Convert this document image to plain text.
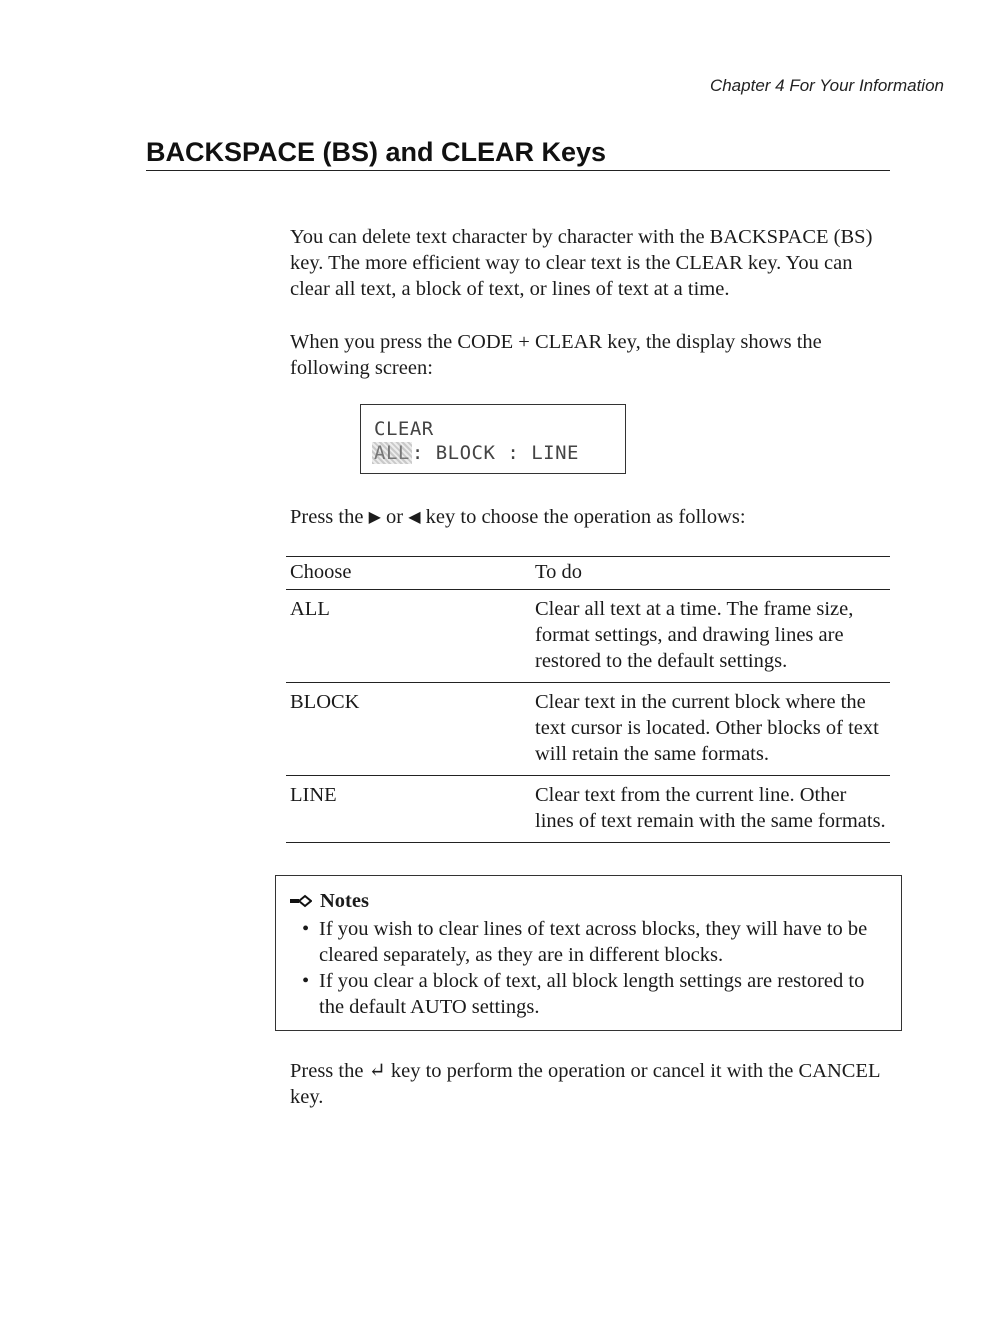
Chapter 4 For Your Information
BACKSPACE (BS) and CLEAR Keys

You can delete text character by character with the BACKSPACE (BS) key. The more efficient way to clear text is the CLEAR key. You can clear all text, a block of text, or lines of text at a time.

When you press the CODE + CLEAR key, the display shows the following screen:

CLEAR
ALL : BLOCK : LINE

Press the ▶ or ◀ key to choose the operation as follows:

Choose	To do
ALL	Clear all text at a time. The frame size, format settings, and drawing lines are restored to the default settings.
BLOCK	Clear text in the current block where the text cursor is located. Other blocks of text will retain the same formats.
LINE	Clear text from the current line. Other lines of text remain with the same formats.
Notes
• If you wish to clear lines of text across blocks, they will have to be cleared separately, as they are in different blocks.
• If you clear a block of text, all block length settings are restored to the default AUTO settings.

Press the ↵ key to perform the operation or cancel it with the CANCEL key.
